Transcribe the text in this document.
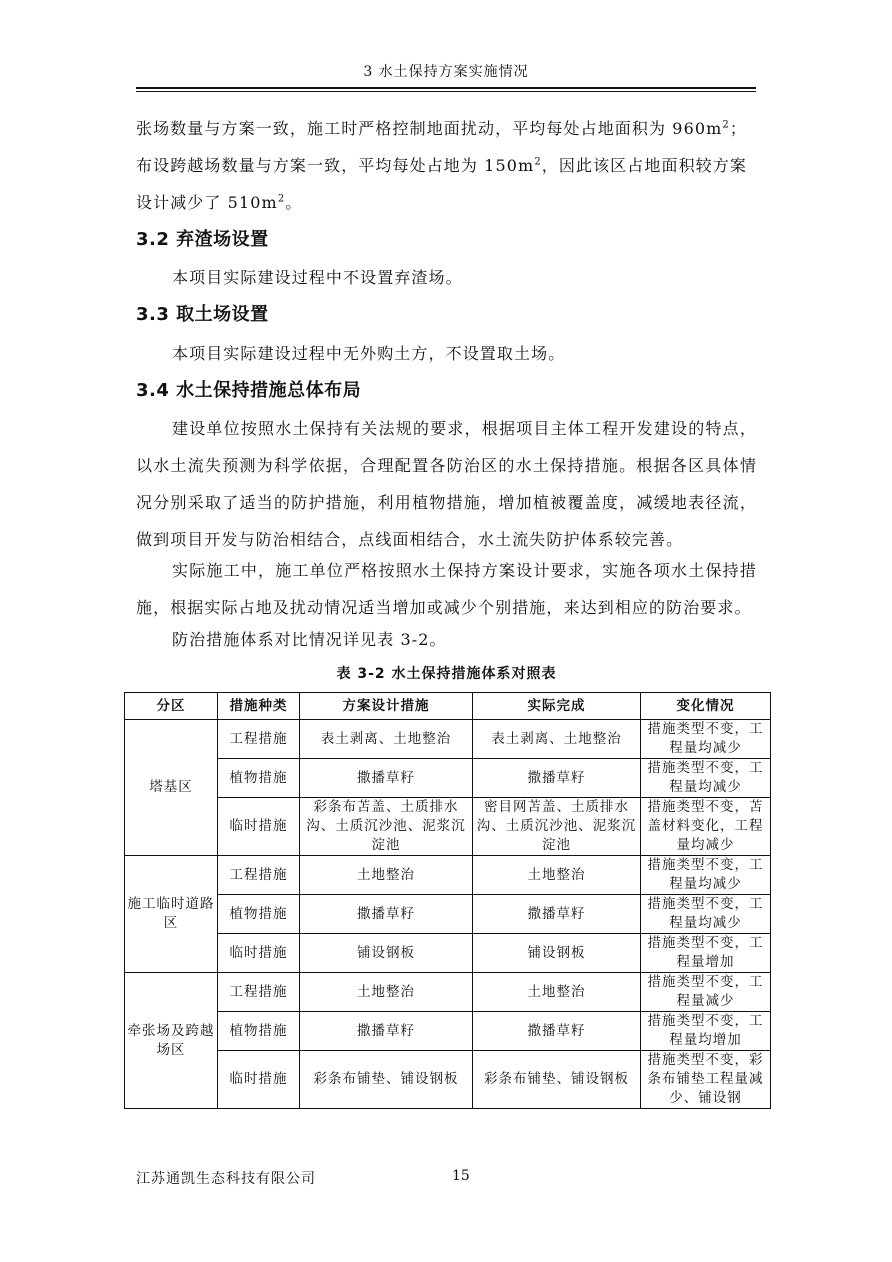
3 水土保持方案实施情况

张场数量与方案一致，施工时严格控制地面扰动，平均每处占地面积为 $960m^2$；
布设跨越场数量与方案一致，平均每处占地为 $150m^2$，因此该区占地面积较方案
设计减少了 $510m^2$。

3.2 弃渣场设置

本项目实际建设过程中不设置弃渣场。

3.3 取土场设置

本项目实际建设过程中无外购土方，不设置取土场。

3.4 水土保持措施总体布局

建设单位按照水土保持有关法规的要求，根据项目主体工程开发建设的特点，以水土流失预测为科学依据，合理配置各防治区的水土保持措施。根据各区具体情况分别采取了适当的防护措施，利用植物措施，增加植被覆盖度，减缓地表径流，做到项目开发与防治相结合，点线面相结合，水土流失防护体系较完善。

实际施工中，施工单位严格按照水土保持方案设计要求，实施各项水土保持措施，根据实际占地及扰动情况适当增加或减少个别措施，来达到相应的防治要求。

防治措施体系对比情况详见表 3-2。

表 3-2 水土保持措施体系对照表
分区	措施种类	方案设计措施	实际完成	变化情况
塔基区	工程措施	表土剥离、土地整治	表土剥离、土地整治	措施类型不变，工程量均减少
	植物措施	撒播草籽	撒播草籽	措施类型不变，工程量均减少
	临时措施	彩条布苫盖、土质排水沟、土质沉沙池、泥浆沉淀池	密目网苫盖、土质排水沟、土质沉沙池、泥浆沉淀池	措施类型不变，苫盖材料变化，工程量均减少
施工临时道路区	工程措施	土地整治	土地整治	措施类型不变，工程量均减少
	植物措施	撒播草籽	撒播草籽	措施类型不变，工程量均减少
	临时措施	铺设钢板	铺设钢板	措施类型不变，工程量增加
牵张场及跨越场区	工程措施	土地整治	土地整治	措施类型不变，工程量减少
	植物措施	撒播草籽	撒播草籽	措施类型不变，工程量均增加
	临时措施	彩条布铺垫、铺设钢板	彩条布铺垫、铺设钢板	措施类型不变，彩条布铺垫工程量减少、铺设钢
江苏通凯生态科技有限公司	15
